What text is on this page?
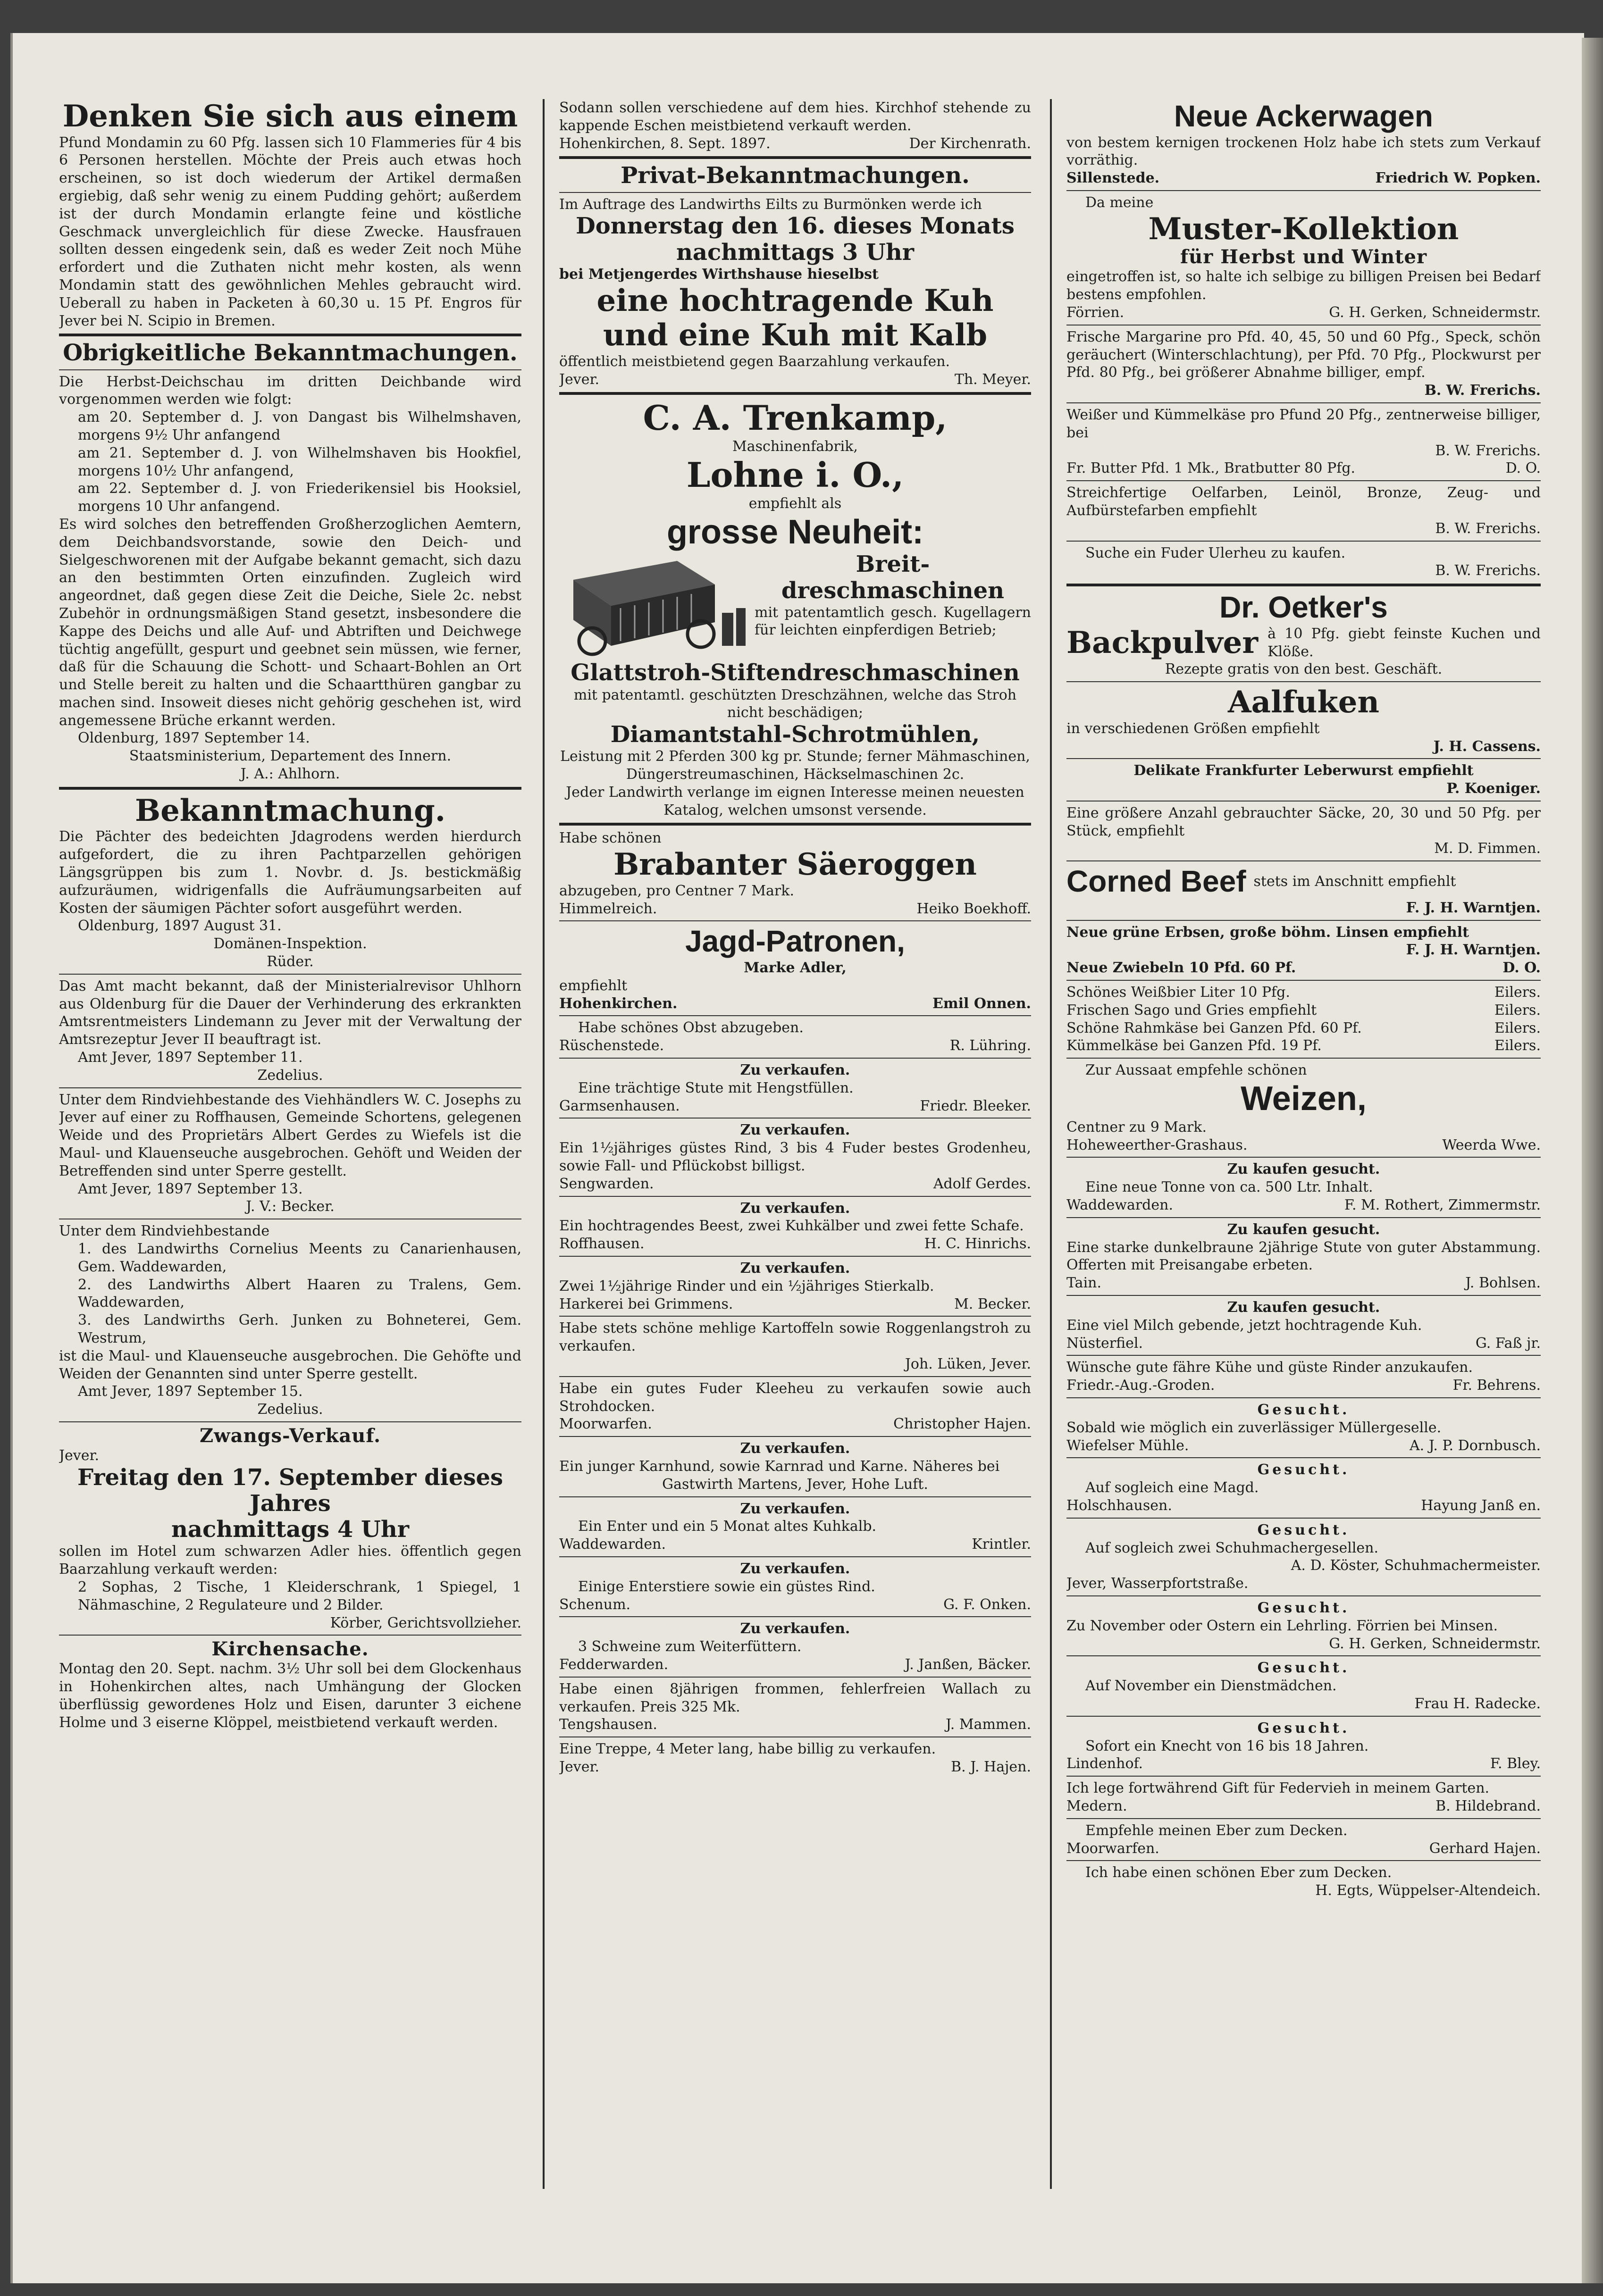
Denken Sie sich aus einem

Pfund Mondamin zu 60 Pfg. lassen sich 10 Flammeries für 4 bis 6 Personen herstellen. Möchte der Preis auch etwas hoch erscheinen, so ist doch wiederum der Artikel dermaßen ergiebig, daß sehr wenig zu einem Pudding gehört; außerdem ist der durch Mondamin erlangte feine und köstliche Geschmack unvergleichlich für diese Zwecke. Hausfrauen sollten dessen eingedenk sein, daß es weder Zeit noch Mühe erfordert und die Zuthaten nicht mehr kosten, als wenn Mondamin statt des gewöhnlichen Mehles gebraucht wird. Ueberall zu haben in Packeten à 60,30 u. 15 Pf. Engros für Jever bei N. Scipio in Bremen.

Obrigkeitliche Bekanntmachungen.

Die Herbst-Deichschau im dritten Deichbande wird vorgenommen werden wie folgt:

am 20. September d. J. von Dangast bis Wilhelmshaven, morgens 9½ Uhr anfangend

am 21. September d. J. von Wilhelmshaven bis Hookfiel, morgens 10½ Uhr anfangend,

am 22. September d. J. von Friederikensiel bis Hooksiel, morgens 10 Uhr anfangend.

Es wird solches den betreffenden Großherzoglichen Aemtern, dem Deichbandsvorstande, sowie den Deich- und Sielgeschworenen mit der Aufgabe bekannt gemacht, sich dazu an den bestimmten Orten einzufinden. Zugleich wird angeordnet, daß gegen diese Zeit die Deiche, Siele 2c. nebst Zubehör in ordnungsmäßigen Stand gesetzt, insbesondere die Kappe des Deichs und alle Auf- und Abtriften und Deichwege tüchtig angefüllt, gespurt und geebnet sein müssen, wie ferner, daß für die Schauung die Schott- und Schaart-Bohlen an Ort und Stelle bereit zu halten und die Schaartthüren gangbar zu machen sind. Insoweit dieses nicht gehörig geschehen ist, wird angemessene Brüche erkannt werden.

Oldenburg, 1897 September 14.

Staatsministerium, Departement des Innern.

J. A.: Ahlhorn.

Bekanntmachung.

Die Pächter des bedeichten Jdagrodens werden hierdurch aufgefordert, die zu ihren Pachtparzellen gehörigen Längsgrüppen bis zum 1. Novbr. d. Js. bestickmäßig aufzuräumen, widrigenfalls die Aufräumungsarbeiten auf Kosten der säumigen Pächter sofort ausgeführt werden.

Oldenburg, 1897 August 31.

Domänen-Inspektion.

Rüder.

Das Amt macht bekannt, daß der Ministerialrevisor Uhlhorn aus Oldenburg für die Dauer der Verhinderung des erkrankten Amtsrentmeisters Lindemann zu Jever mit der Verwaltung der Amtsrezeptur Jever II beauftragt ist.

Amt Jever, 1897 September 11.

Zedelius.

Unter dem Rindviehbestande des Viehhändlers W. C. Josephs zu Jever auf einer zu Roffhausen, Gemeinde Schortens, gelegenen Weide und des Proprietärs Albert Gerdes zu Wiefels ist die Maul- und Klauenseuche ausgebrochen. Gehöft und Weiden der Betreffenden sind unter Sperre gestellt.

Amt Jever, 1897 September 13.

J. V.: Becker.

Unter dem Rindviehbestande

1. des Landwirths Cornelius Meents zu Canarienhausen, Gem. Waddewarden,

2. des Landwirths Albert Haaren zu Tralens, Gem. Waddewarden,

3. des Landwirths Gerh. Junken zu Bohneterei, Gem. Westrum,

ist die Maul- und Klauenseuche ausgebrochen. Die Gehöfte und Weiden der Genannten sind unter Sperre gestellt.

Amt Jever, 1897 September 15.

Zedelius.

Zwangs-Verkauf.

Jever.

Freitag den 17. September dieses Jahres

nachmittags 4 Uhr

sollen im Hotel zum schwarzen Adler hies. öffentlich gegen Baarzahlung verkauft werden:

2 Sophas, 2 Tische, 1 Kleiderschrank, 1 Spiegel, 1 Nähmaschine, 2 Regulateure und 2 Bilder.

Körber, Gerichtsvollzieher.

Kirchensache.

Montag den 20. Sept. nachm. 3½ Uhr soll bei dem Glockenhaus in Hohenkirchen altes, nach Umhängung der Glocken überflüssig gewordenes Holz und Eisen, darunter 3 eichene Holme und 3 eiserne Klöppel, meistbietend verkauft werden.

Sodann sollen verschiedene auf dem hies. Kirchhof stehende zu kappende Eschen meistbietend verkauft werden.

Hohenkirchen, 8. Sept. 1897.	Der Kirchenrath.

Privat-Bekanntmachungen.

Im Auftrage des Landwirths Eilts zu Burmönken werde ich

Donnerstag den 16. dieses Monats

nachmittags 3 Uhr

bei Metjengerdes Wirthshause hieselbst

eine hochtragende Kuh

und eine Kuh mit Kalb

öffentlich meistbietend gegen Baarzahlung verkaufen.

Jever.	Th. Meyer.

C. A. Trenkamp,

Maschinenfabrik,

Lohne i. O.,

empfiehlt als

grosse Neuheit:

Breit-

dreschmaschinen

mit patentamtlich gesch. Kugellagern für leichten einpferdigen Betrieb;

Glattstroh-Stiftendreschmaschinen

mit patentamtl. geschützten Dreschzähnen, welche das Stroh nicht beschädigen;

Diamantstahl-Schrotmühlen,

Leistung mit 2 Pferden 300 kg pr. Stunde; ferner Mähmaschinen, Düngerstreumaschinen, Häckselmaschinen 2c.

Jeder Landwirth verlange im eignen Interesse meinen neuesten Katalog, welchen umsonst versende.

Habe schönen

Brabanter Säeroggen

abzugeben, pro Centner 7 Mark.

Himmelreich.	Heiko Boekhoff.

Jagd-Patronen,

Marke Adler,

empfiehlt

Hohenkirchen.	Emil Onnen.

Habe schönes Obst abzugeben.

Rüschenstede.	R. Lühring.

Zu verkaufen.

Eine trächtige Stute mit Hengstfüllen.

Garmsenhausen.	Friedr. Bleeker.

Zu verkaufen.

Ein 1½jähriges güstes Rind, 3 bis 4 Fuder bestes Grodenheu, sowie Fall- und Pflückobst billigst.

Sengwarden.	Adolf Gerdes.

Zu verkaufen.

Ein hochtragendes Beest, zwei Kuhkälber und zwei fette Schafe.

Roffhausen.	H. C. Hinrichs.

Zu verkaufen.

Zwei 1½jährige Rinder und ein ½jähriges Stierkalb.

Harkerei bei Grimmens.	M. Becker.

Habe stets schöne mehlige Kartoffeln sowie Roggenlangstroh zu verkaufen.

Joh. Lüken, Jever.

Habe ein gutes Fuder Kleeheu zu verkaufen sowie auch Strohdocken.

Moorwarfen.	Christopher Hajen.

Zu verkaufen.

Ein junger Karnhund, sowie Karnrad und Karne. Näheres bei

Gastwirth Martens, Jever, Hohe Luft.

Zu verkaufen.

Ein Enter und ein 5 Monat altes Kuhkalb.

Waddewarden.	Krintler.

Zu verkaufen.

Einige Enterstiere sowie ein güstes Rind.

Schenum.	G. F. Onken.

Zu verkaufen.

3 Schweine zum Weiterfüttern.

Fedderwarden.	J. Janßen, Bäcker.

Habe einen 8jährigen frommen, fehlerfreien Wallach zu verkaufen. Preis 325 Mk.

Tengshausen.	J. Mammen.

Eine Treppe, 4 Meter lang, habe billig zu verkaufen.

Jever.	B. J. Hajen.

Neue Ackerwagen

von bestem kernigen trockenen Holz habe ich stets zum Verkauf vorräthig.

Sillenstede.	Friedrich W. Popken.

Da meine

Muster-Kollektion

für Herbst und Winter

eingetroffen ist, so halte ich selbige zu billigen Preisen bei Bedarf bestens empfohlen.

Förrien.	G. H. Gerken, Schneidermstr.

Frische Margarine pro Pfd. 40, 45, 50 und 60 Pfg., Speck, schön geräuchert (Winterschlachtung), per Pfd. 70 Pfg., Plockwurst per Pfd. 80 Pfg., bei größerer Abnahme billiger, empf.

B. W. Frerichs.

Weißer und Kümmelkäse pro Pfund 20 Pfg., zentnerweise billiger, bei

B. W. Frerichs.

Fr. Butter Pfd. 1 Mk., Bratbutter 80 Pfg.	D. O.

Streichfertige Oelfarben, Leinöl, Bronze, Zeug- und Aufbürstefarben empfiehlt

B. W. Frerichs.

Suche ein Fuder Ulerheu zu kaufen.

B. W. Frerichs.

Dr. Oetker's

Backpulver à 10 Pfg. giebt feinste Kuchen und Klöße.

Rezepte gratis von den best. Geschäft.

Aalfuken

in verschiedenen Größen empfiehlt

J. H. Cassens.

Delikate Frankfurter Leberwurst empfiehlt

P. Koeniger.

Eine größere Anzahl gebrauchter Säcke, 20, 30 und 50 Pfg. per Stück, empfiehlt

M. D. Fimmen.

Corned Beef stets im Anschnitt empfiehlt

F. J. H. Warntjen.

Neue grüne Erbsen, große böhm. Linsen empfiehlt

F. J. H. Warntjen.

Neue Zwiebeln 10 Pfd. 60 Pf.	D. O.
Schönes Weißbier Liter 10 Pfg.	Eilers.
Frischen Sago und Gries empfiehlt	Eilers.
Schöne Rahmkäse bei Ganzen Pfd. 60 Pf.	Eilers.
Kümmelkäse bei Ganzen Pfd. 19 Pf.	Eilers.

Zur Aussaat empfehle schönen

Weizen,

Centner zu 9 Mark.

Hoheweerther-Grashaus.	Weerda Wwe.

Zu kaufen gesucht.

Eine neue Tonne von ca. 500 Ltr. Inhalt.

Waddewarden.	F. M. Rothert, Zimmermstr.

Zu kaufen gesucht.

Eine starke dunkelbraune 2jährige Stute von guter Abstammung. Offerten mit Preisangabe erbeten.

Tain.	J. Bohlsen.

Zu kaufen gesucht.

Eine viel Milch gebende, jetzt hochtragende Kuh.

Nüsterfiel.	G. Faß jr.

Wünsche gute fähre Kühe und güste Rinder anzukaufen.

Friedr.-Aug.-Groden.	Fr. Behrens.

Gesucht.

Sobald wie möglich ein zuverlässiger Müllergeselle.

Wiefelser Mühle.	A. J. P. Dornbusch.

Gesucht.

Auf sogleich eine Magd.

Holschhausen.	Hayung Janß en.

Gesucht.

Auf sogleich zwei Schuhmachergesellen.

A. D. Köster, Schuhmachermeister.

Jever, Wasserpfortstraße.

Gesucht.

Zu November oder Ostern ein Lehrling. Förrien bei Minsen.

G. H. Gerken, Schneidermstr.

Gesucht.

Auf November ein Dienstmädchen.

Frau H. Radecke.

Gesucht.

Sofort ein Knecht von 16 bis 18 Jahren.

Lindenhof.	F. Bley.

Ich lege fortwährend Gift für Federvieh in meinem Garten.

Medern.	B. Hildebrand.

Empfehle meinen Eber zum Decken.

Moorwarfen.	Gerhard Hajen.

Ich habe einen schönen Eber zum Decken.

H. Egts, Wüppelser-Altendeich.
